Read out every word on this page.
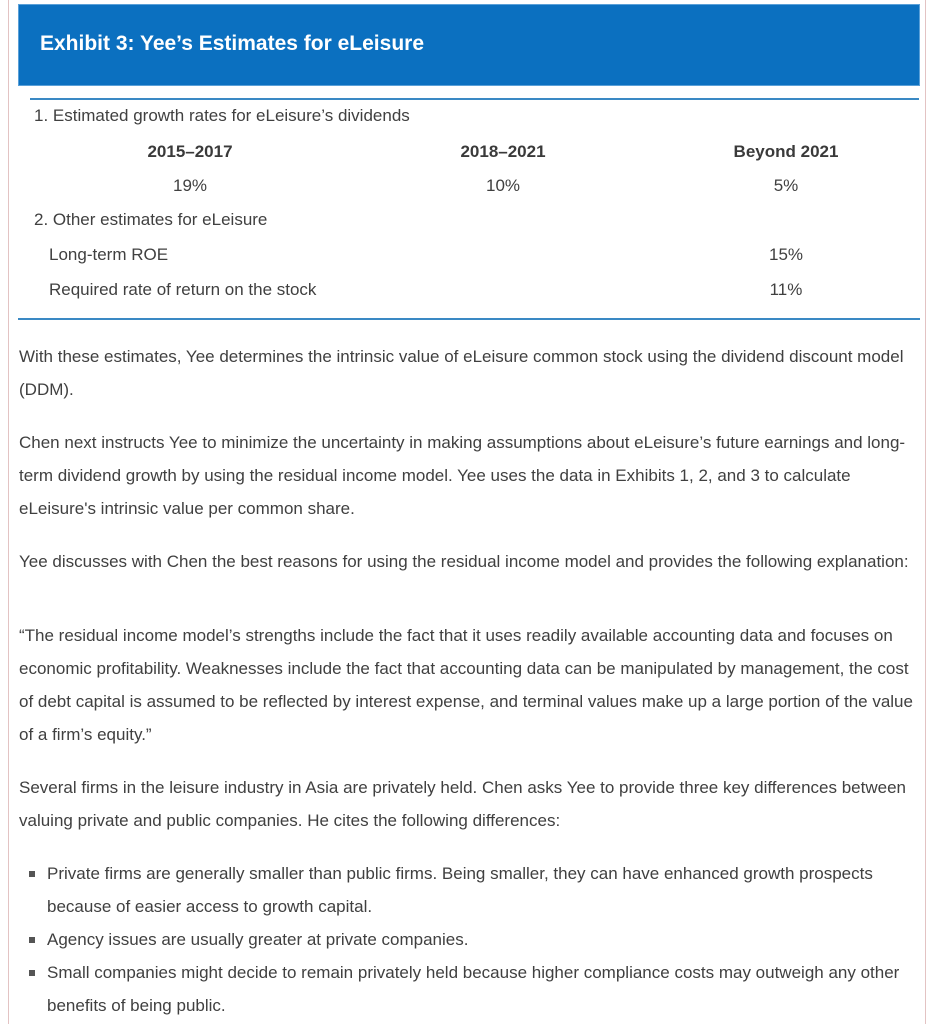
Exhibit 3: Yee’s Estimates for eLeisure
1. Estimated growth rates for eLeisure’s dividends
2015–2017	2018–2021	Beyond 2021
19%	10%	5%
2. Other estimates for eLeisure
Long-term ROE	15%
Required rate of return on the stock	11%
With these estimates, Yee determines the intrinsic value of eLeisure common stock using the dividend discount model (DDM).
Chen next instructs Yee to minimize the uncertainty in making assumptions about eLeisure’s future earnings and long-term dividend growth by using the residual income model. Yee uses the data in Exhibits 1, 2, and 3 to calculate eLeisure's intrinsic value per common share.
Yee discusses with Chen the best reasons for using the residual income model and provides the following explanation:
“The residual income model’s strengths include the fact that it uses readily available accounting data and focuses on economic profitability. Weaknesses include the fact that accounting data can be manipulated by management, the cost of debt capital is assumed to be reflected by interest expense, and terminal values make up a large portion of the value of a firm’s equity.”
Several firms in the leisure industry in Asia are privately held. Chen asks Yee to provide three key differences between valuing private and public companies. He cites the following differences:
Private firms are generally smaller than public firms. Being smaller, they can have enhanced growth prospects because of easier access to growth capital.
Agency issues are usually greater at private companies.
Small companies might decide to remain privately held because higher compliance costs may outweigh any other benefits of being public.
